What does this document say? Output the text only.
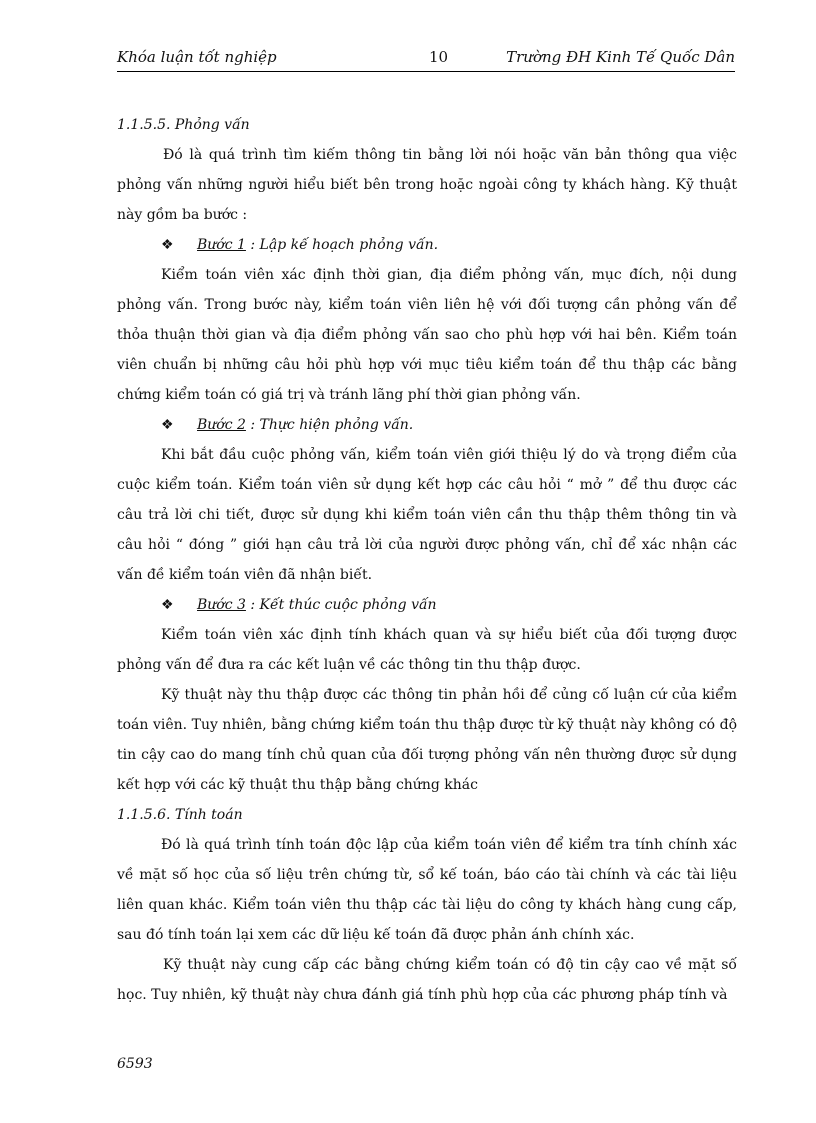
Khóa luận tốt nghiệp	10	Trường ĐH Kinh Tế Quốc Dân

1.1.5.5. Phỏng vấn

Đó là quá trình tìm kiếm thông tin bằng lời nói hoặc văn bản thông qua việc phỏng vấn những người hiểu biết bên trong hoặc ngoài công ty khách hàng. Kỹ thuật này gồm ba bước :

❖ Bước 1 : Lập kế hoạch phỏng vấn.

Kiểm toán viên xác định thời gian, địa điểm phỏng vấn, mục đích, nội dung phỏng vấn. Trong bước này, kiểm toán viên liên hệ với đối tượng cần phỏng vấn để thỏa thuận thời gian và địa điểm phỏng vấn sao cho phù hợp với hai bên. Kiểm toán viên chuẩn bị những câu hỏi phù hợp với mục tiêu kiểm toán để thu thập các bằng chứng kiểm toán có giá trị và tránh lãng phí thời gian phỏng vấn.

❖ Bước 2 : Thực hiện phỏng vấn.

Khi bắt đầu cuộc phỏng vấn, kiểm toán viên giới thiệu lý do và trọng điểm của cuộc kiểm toán. Kiểm toán viên sử dụng kết hợp các câu hỏi “ mở ” để thu được các câu trả lời chi tiết, được sử dụng khi kiểm toán viên cần thu thập thêm thông tin và câu hỏi “ đóng ” giới hạn câu trả lời của người được phỏng vấn, chỉ để xác nhận các vấn đề kiểm toán viên đã nhận biết.

❖ Bước 3 : Kết thúc cuộc phỏng vấn

Kiểm toán viên xác định tính khách quan và sự hiểu biết của đối tượng được phỏng vấn để đưa ra các kết luận về các thông tin thu thập được.

Kỹ thuật này thu thập được các thông tin phản hồi để củng cố luận cứ của kiểm toán viên. Tuy nhiên, bằng chứng kiểm toán thu thập được từ kỹ thuật này không có độ tin cậy cao do mang tính chủ quan của đối tượng phỏng vấn nên thường được sử dụng kết hợp với các kỹ thuật thu thập bằng chứng khác

1.1.5.6. Tính toán

Đó là quá trình tính toán độc lập của kiểm toán viên để kiểm tra tính chính xác về mặt số học của số liệu trên chứng từ, sổ kế toán, báo cáo tài chính và các tài liệu liên quan khác. Kiểm toán viên thu thập các tài liệu do công ty khách hàng cung cấp, sau đó tính toán lại xem các dữ liệu kế toán đã được phản ánh chính xác.

Kỹ thuật này cung cấp các bằng chứng kiểm toán có độ tin cậy cao về mặt số học. Tuy nhiên, kỹ thuật này chưa đánh giá tính phù hợp của các phương pháp tính và

6593
